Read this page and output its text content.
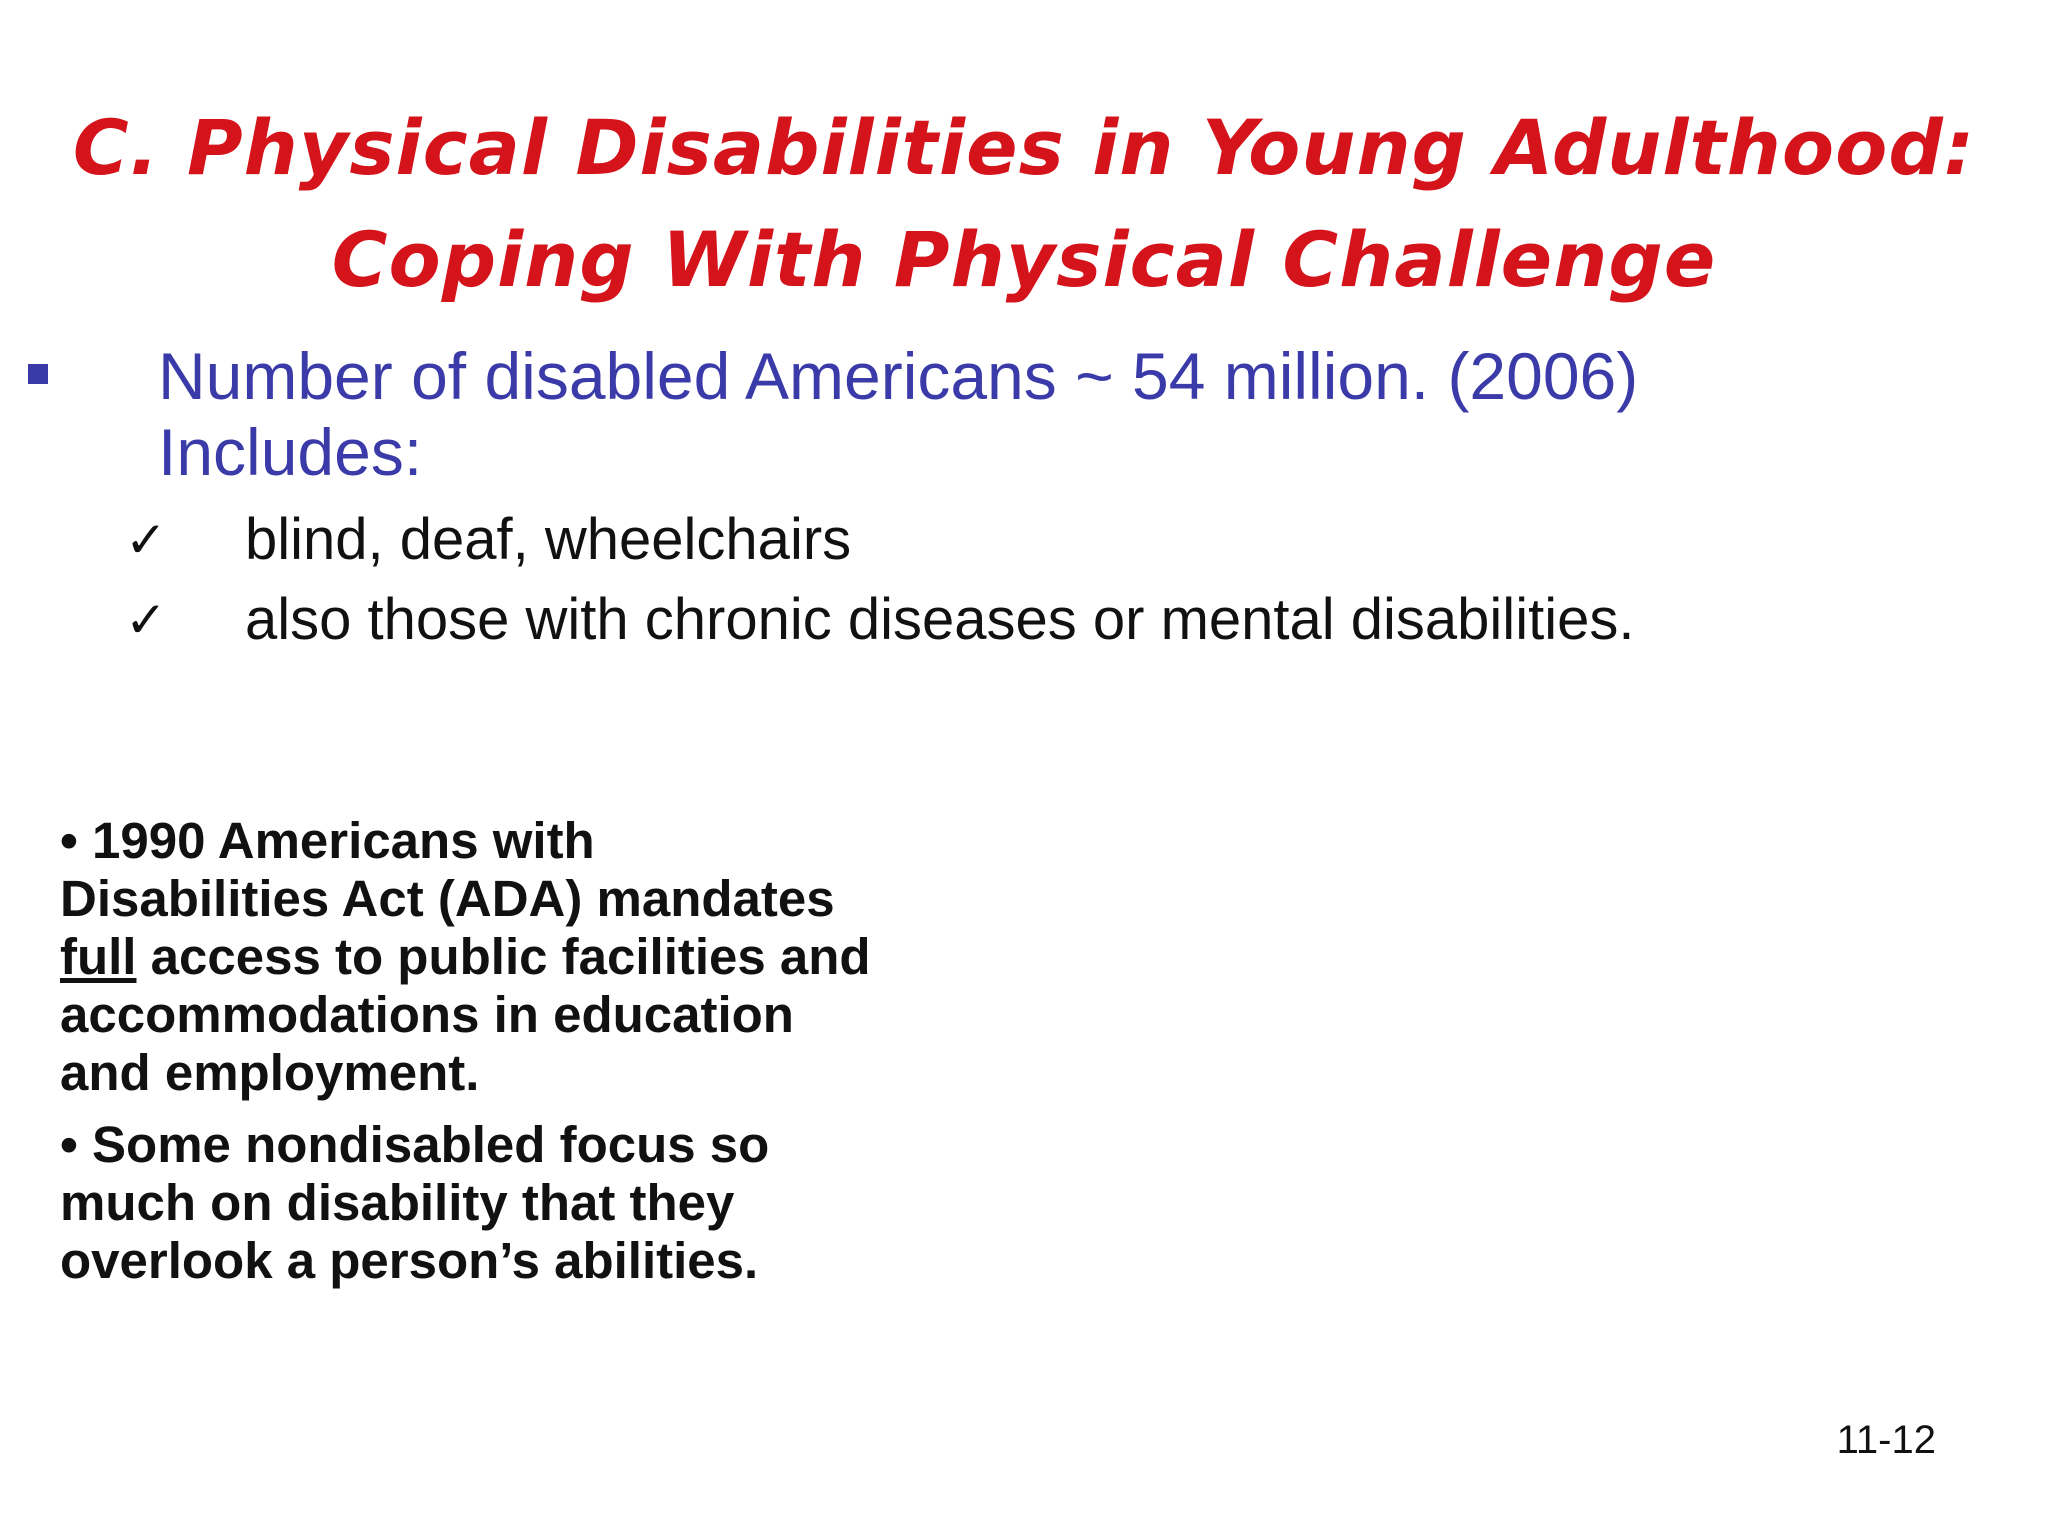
C. Physical Disabilities in Young Adulthood:
Coping With Physical Challenge
Number of disabled Americans ~ 54 million. (2006)
Includes:
✓ blind, deaf, wheelchairs
✓ also those with chronic diseases or mental disabilities.
• 1990 Americans with
Disabilities Act (ADA) mandates
full access to public facilities and
accommodations in education
and employment.
• Some nondisabled focus so
much on disability that they
overlook a person’s abilities.
11-12
